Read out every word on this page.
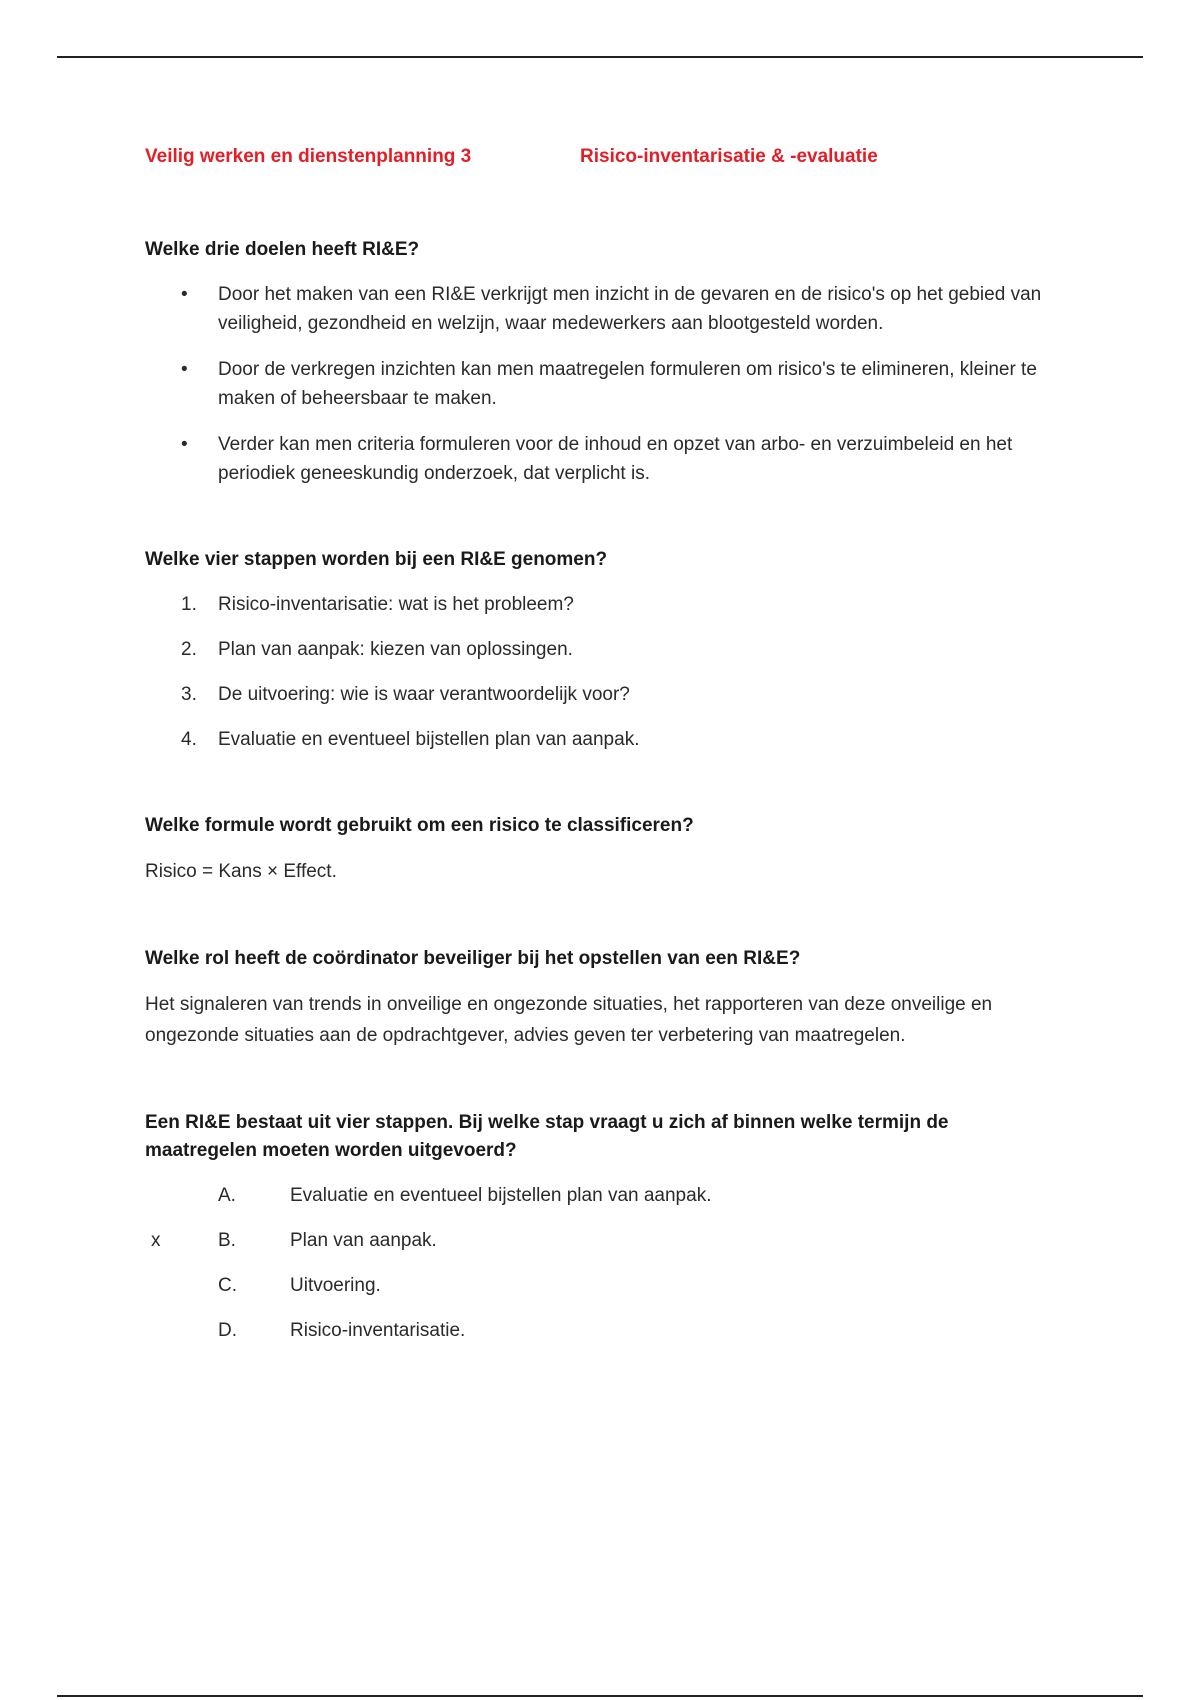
Veilig werken en dienstenplanning 3	Risico-inventarisatie & -evaluatie

Welke drie doelen heeft RI&E?

• Door het maken van een RI&E verkrijgt men inzicht in de gevaren en de risico's op het gebied van veiligheid, gezondheid en welzijn, waar medewerkers aan blootgesteld worden.
• Door de verkregen inzichten kan men maatregelen formuleren om risico's te elimineren, kleiner te maken of beheersbaar te maken.
• Verder kan men criteria formuleren voor de inhoud en opzet van arbo- en verzuimbeleid en het periodiek geneeskundig onderzoek, dat verplicht is.

Welke vier stappen worden bij een RI&E genomen?

1. Risico-inventarisatie: wat is het probleem?
2. Plan van aanpak: kiezen van oplossingen.
3. De uitvoering: wie is waar verantwoordelijk voor?
4. Evaluatie en eventueel bijstellen plan van aanpak.

Welke formule wordt gebruikt om een risico te classificeren?

Risico = Kans × Effect.

Welke rol heeft de coördinator beveiliger bij het opstellen van een RI&E?

Het signaleren van trends in onveilige en ongezonde situaties, het rapporteren van deze onveilige en ongezonde situaties aan de opdrachtgever, advies geven ter verbetering van maatregelen.

Een RI&E bestaat uit vier stappen. Bij welke stap vraagt u zich af binnen welke termijn de maatregelen moeten worden uitgevoerd?

A.	Evaluatie en eventueel bijstellen plan van aanpak.
x	B.	Plan van aanpak.
C.	Uitvoering.
D.	Risico-inventarisatie.
